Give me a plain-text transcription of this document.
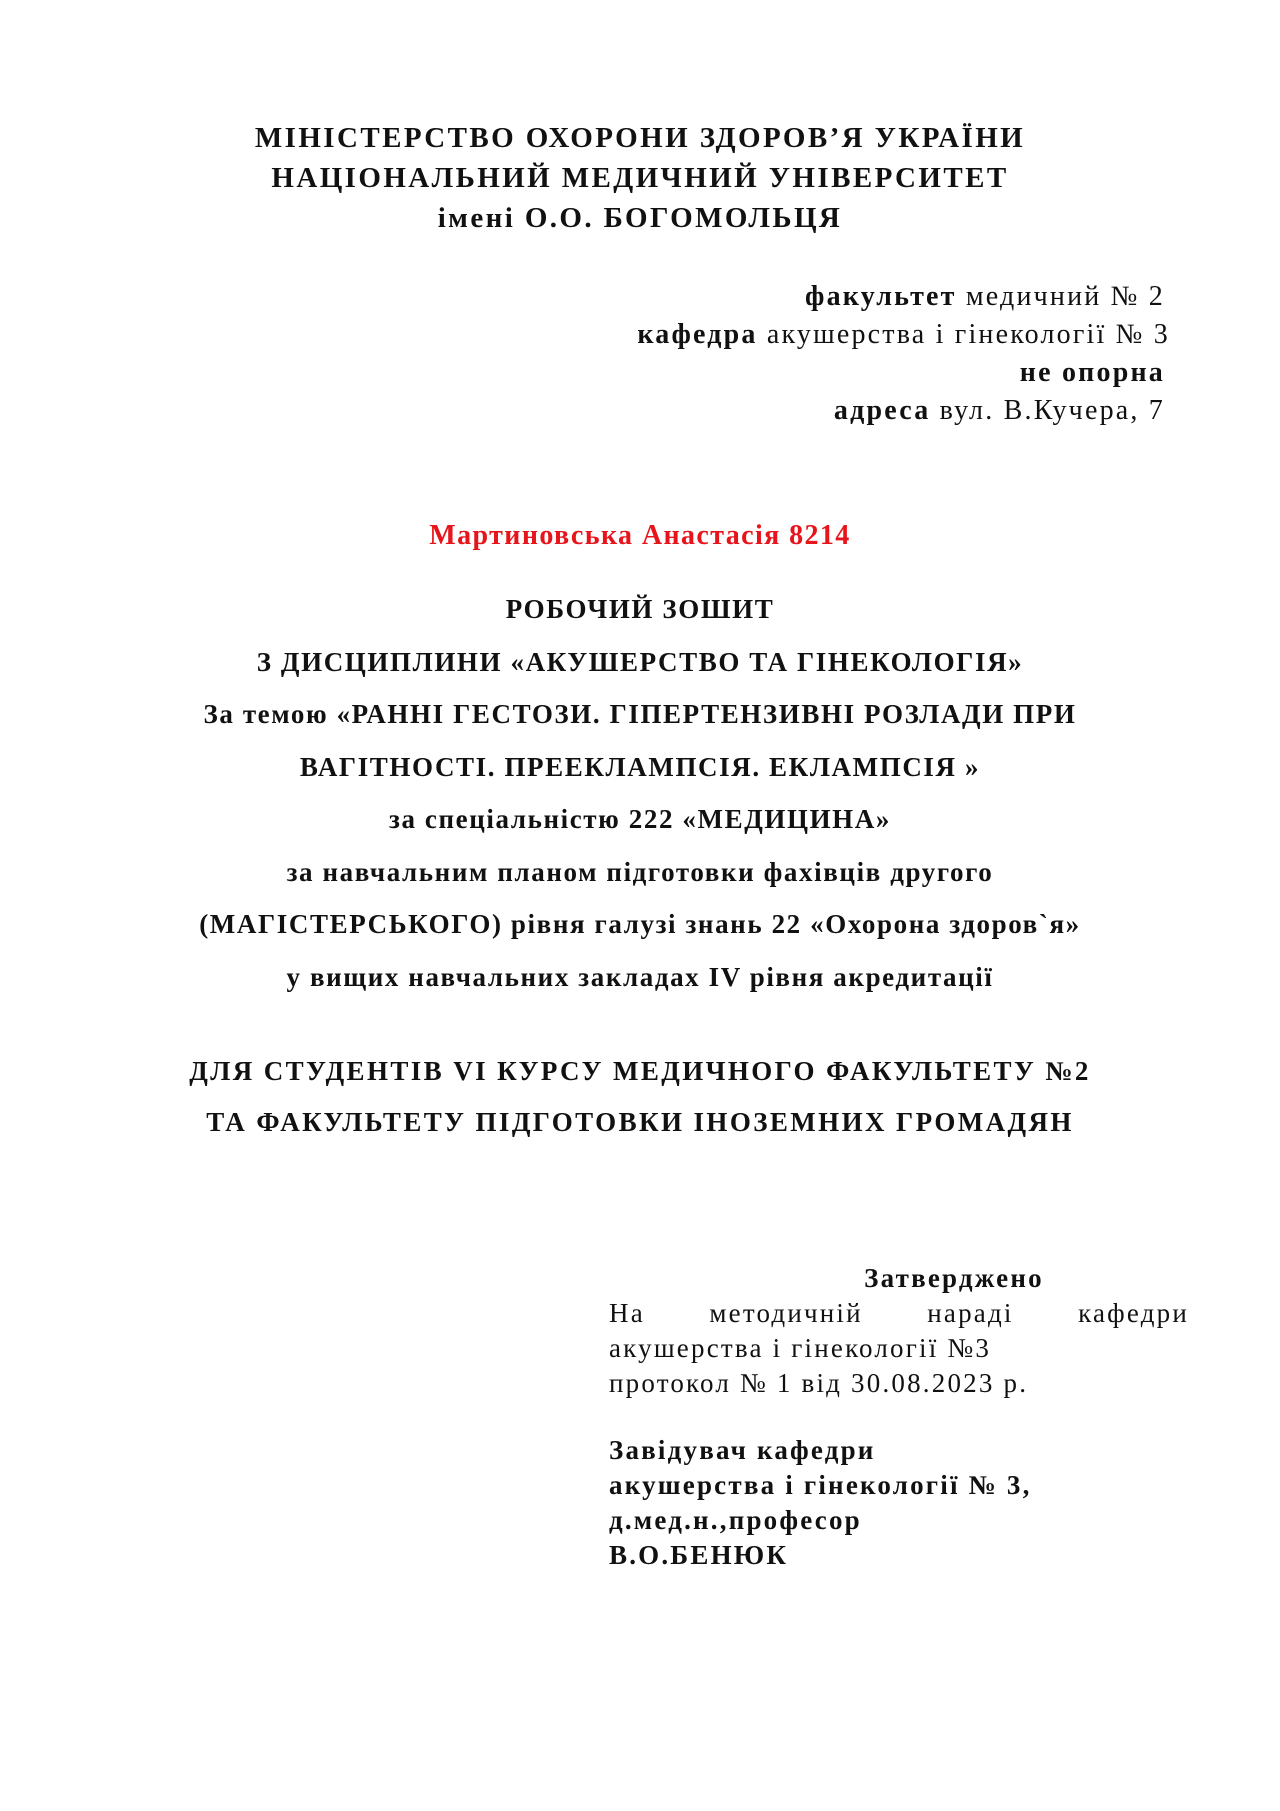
МІНІСТЕРСТВО ОХОРОНИ ЗДОРОВ’Я УКРАЇНИ
НАЦІОНАЛЬНИЙ МЕДИЧНИЙ УНІВЕРСИТЕТ
імені О.О. БОГОМОЛЬЦЯ
факультет медичний № 2
кафедра акушерства і гінекології № 3
не опорна
адреса вул. В.Кучера, 7
Мартиновська Анастасія 8214
РОБОЧИЙ ЗОШИТ
З ДИСЦИПЛИНИ «АКУШЕРСТВО ТА ГІНЕКОЛОГІЯ»
За темою «РАННІ ГЕСТОЗИ. ГІПЕРТЕНЗИВНІ РОЗЛАДИ ПРИ
ВАГІТНОСТІ. ПРЕЕКЛАМПСІЯ. ЕКЛАМПСІЯ »
за спеціальністю 222 «МЕДИЦИНА»
за навчальним планом підготовки фахівців другого
(МАГІСТЕРСЬКОГО) рівня галузі знань 22 «Охорона здоров`я»
у вищих навчальних закладах IV рівня акредитації
ДЛЯ СТУДЕНТІВ VI КУРСУ МЕДИЧНОГО ФАКУЛЬТЕТУ №2
ТА ФАКУЛЬТЕТУ ПІДГОТОВКИ ІНОЗЕМНИХ ГРОМАДЯН
Затверджено
На методичній нараді кафедри
акушерства і гінекології №3
протокол № 1 від 30.08.2023 р.
Завідувач кафедри
акушерства і гінекології № 3,
д.мед.н.,професор
В.О.БЕНЮК
